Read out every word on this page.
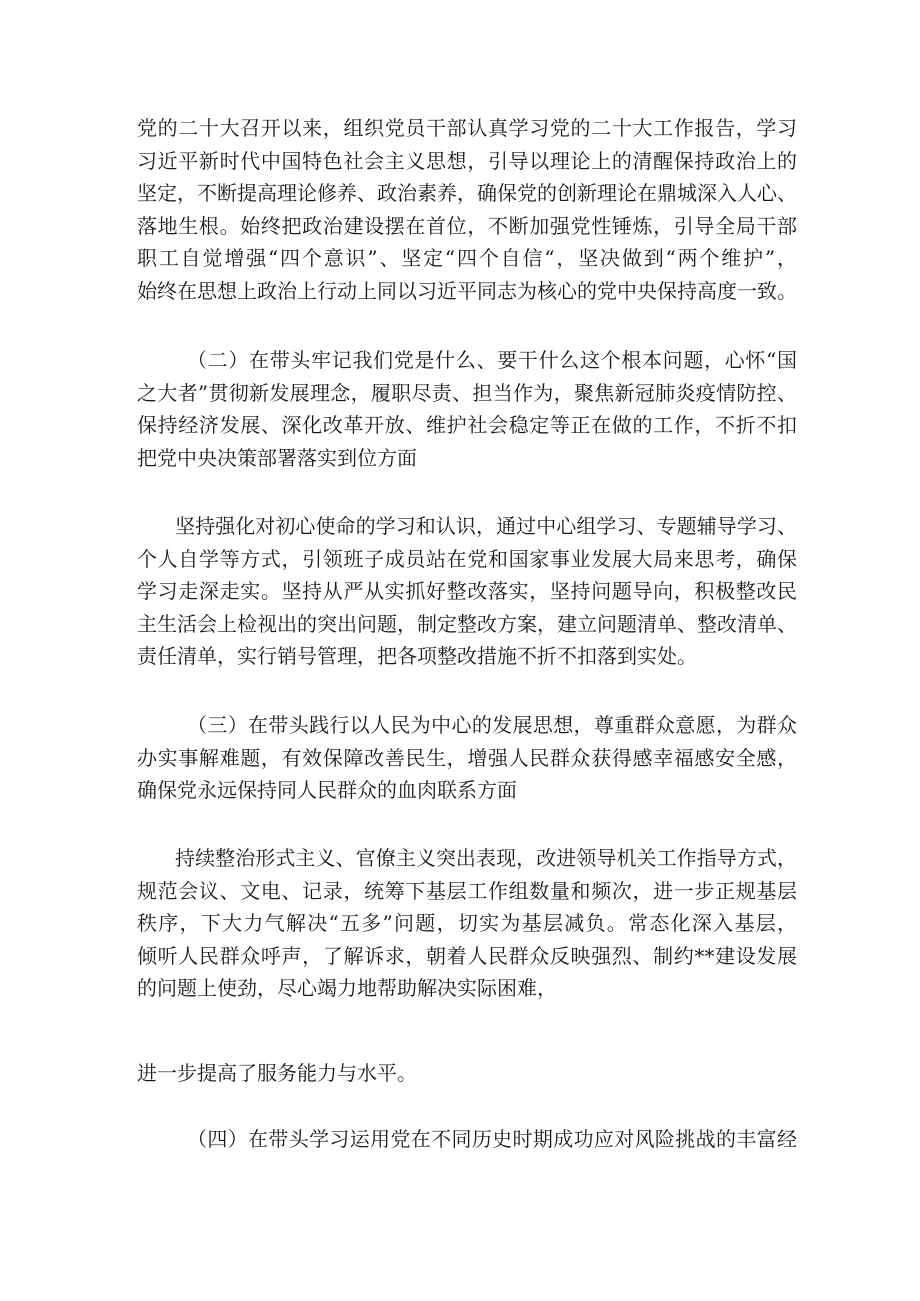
党的二十大召开以来，组织党员干部认真学习党的二十大工作报告，学习
习近平新时代中国特色社会主义思想，引导以理论上的清醒保持政治上的
坚定，不断提高理论修养、政治素养，确保党的创新理论在鼎城深入人心、
落地生根。始终把政治建设摆在首位，不断加强党性锤炼，引导全局干部
职工自觉增强“四个意识”、坚定“四个自信“，坚决做到“两个维护”，
始终在思想上政治上行动上同以习近平同志为核心的党中央保持高度一致。
（二）在带头牢记我们党是什么、要干什么这个根本问题，心怀“国
之大者”贯彻新发展理念，履职尽责、担当作为，聚焦新冠肺炎疫情防控、
保持经济发展、深化改革开放、维护社会稳定等正在做的工作，不折不扣
把党中央决策部署落实到位方面
坚持强化对初心使命的学习和认识，通过中心组学习、专题辅导学习、
个人自学等方式，引领班子成员站在党和国家事业发展大局来思考，确保
学习走深走实。坚持从严从实抓好整改落实，坚持问题导向，积极整改民
主生活会上检视出的突出问题，制定整改方案，建立问题清单、整改清单、
责任清单，实行销号管理，把各项整改措施不折不扣落到实处。
（三）在带头践行以人民为中心的发展思想，尊重群众意愿，为群众
办实事解难题，有效保障改善民生，增强人民群众获得感幸福感安全感，
确保党永远保持同人民群众的血肉联系方面
持续整治形式主义、官僚主义突出表现，改进领导机关工作指导方式，
规范会议、文电、记录，统筹下基层工作组数量和频次，进一步正规基层
秩序，下大力气解决“五多”问题，切实为基层减负。常态化深入基层，
倾听人民群众呼声，了解诉求，朝着人民群众反映强烈、制约**建设发展
的问题上使劲，尽心竭力地帮助解决实际困难，
进一步提高了服务能力与水平。
（四）在带头学习运用党在不同历史时期成功应对风险挑战的丰富经
